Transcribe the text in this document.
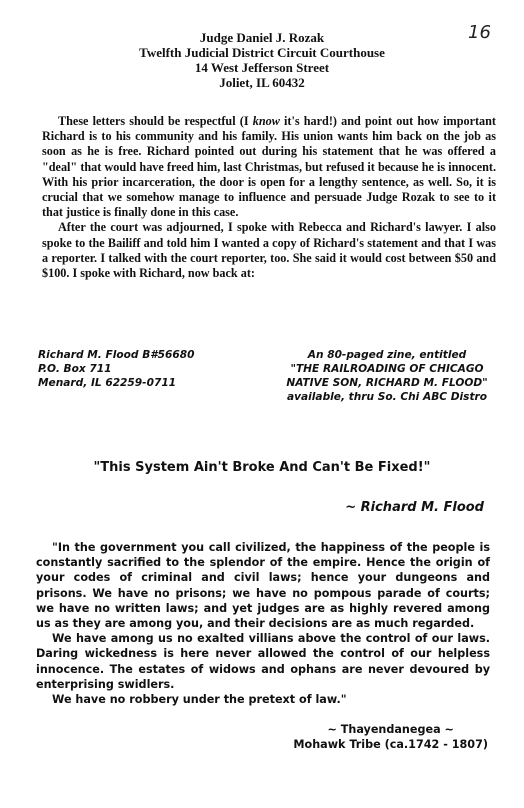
16
Judge Daniel J. Rozak
Twelfth Judicial District Circuit Courthouse
14 West Jefferson Street
Joliet, IL 60432

These letters should be respectful (I know it's hard!) and point out how important Richard is to his community and his family. His union wants him back on the job as soon as he is free. Richard pointed out during his statement that he was offered a "deal" that would have freed him, last Christmas, but refused it because he is innocent. With his prior incarceration, the door is open for a lengthy sentence, as well. So, it is crucial that we somehow manage to influence and persuade Judge Rozak to see to it that justice is finally done in this case.

After the court was adjourned, I spoke with Rebecca and Richard's lawyer. I also spoke to the Bailiff and told him I wanted a copy of Richard's statement and that I was a reporter. I talked with the court reporter, too. She said it would cost between $50 and $100. I spoke with Richard, now back at:

Richard M. Flood B#56680
P.O. Box 711
Menard, IL 62259-0711
An 80-paged zine, entitled
"THE RAILROADING OF CHICAGO
NATIVE SON, RICHARD M. FLOOD"
available, thru So. Chi ABC Distro
"This System Ain't Broke And Can't Be Fixed!"
~ Richard M. Flood

"In the government you call civilized, the happiness of the people is constantly sacrified to the splendor of the empire. Hence the origin of your codes of criminal and civil laws; hence your dungeons and prisons. We have no prisons; we have no pompous parade of courts; we have no written laws; and yet judges are as highly revered among us as they are among you, and their decisions are as much regarded.

We have among us no exalted villians above the control of our laws. Daring wickedness is here never allowed the control of our helpless innocence. The estates of widows and ophans are never devoured by enterprising swidlers.

We have no robbery under the pretext of law."

~ Thayendanegea ~
Mohawk Tribe (ca.1742 - 1807)
